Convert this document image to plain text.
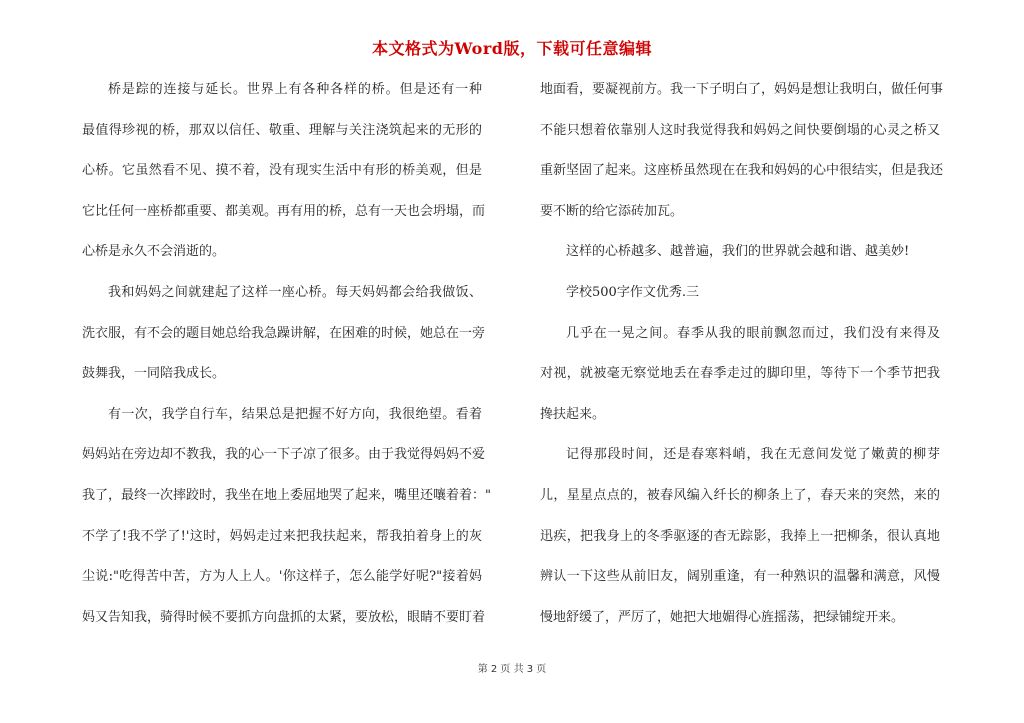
本文格式为Word版，下载可任意编辑
桥是踪的连接与延长。世界上有各种各样的桥。但是还有一种
最值得珍视的桥，那双以信任、敬重、理解与关注浇筑起来的无形的
心桥。它虽然看不见、摸不着，没有现实生活中有形的桥美观，但是
它比任何一座桥都重要、都美观。再有用的桥，总有一天也会坍塌，而
心桥是永久不会消逝的。
我和妈妈之间就建起了这样一座心桥。每天妈妈都会给我做饭、
洗衣服，有不会的题目她总给我急躁讲解，在困难的时候，她总在一旁
鼓舞我，一同陪我成长。
有一次，我学自行车，结果总是把握不好方向，我很绝望。看着
妈妈站在旁边却不教我，我的心一下子凉了很多。由于我觉得妈妈不爱
我了，最终一次摔跤时，我坐在地上委屈地哭了起来，嘴里还嚷着着："
不学了!我不学了!'这时，妈妈走过来把我扶起来，帮我拍着身上的灰
尘说:"吃得苦中苦，方为人上人。'你这样子，怎么能学好呢?"接着妈
妈又告知我，骑得时候不要抓方向盘抓的太紧，要放松，眼睛不要盯着
地面看，要凝视前方。我一下子明白了，妈妈是想让我明白，做任何事
不能只想着依靠别人这时我觉得我和妈妈之间快要倒塌的心灵之桥又
重新坚固了起来。这座桥虽然现在在我和妈妈的心中很结实，但是我还
要不断的给它添砖加瓦。
这样的心桥越多、越普遍，我们的世界就会越和谐、越美妙!
学校500字作文优秀.三
几乎在一晃之间。春季从我的眼前飘忽而过，我们没有来得及
对视，就被毫无察觉地丢在春季走过的脚印里，等待下一个季节把我
搀扶起来。
记得那段时间，还是春寒料峭，我在无意间发觉了嫩黄的柳芽
儿，星星点点的，被春风编入纤长的柳条上了，春天来的突然，来的
迅疾，把我身上的冬季驱逐的杳无踪影，我捧上一把柳条，很认真地
辨认一下这些从前旧友，阔别重逢，有一种熟识的温馨和满意，风慢
慢地舒缓了，严厉了，她把大地媚得心旌摇荡，把绿铺绽开来。
第 2 页 共 3 页
